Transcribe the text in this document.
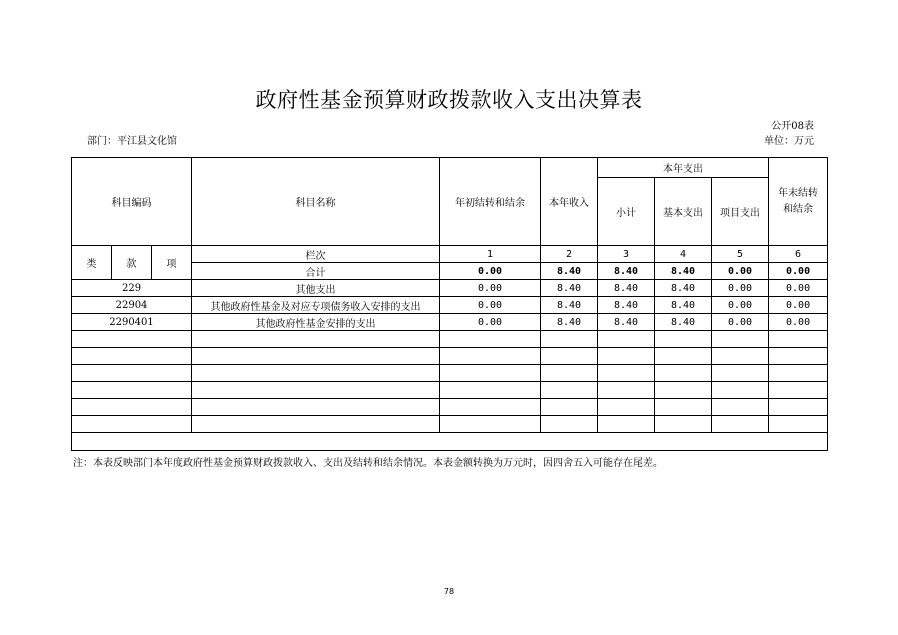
政府性基金预算财政拨款收入支出决算表
公开08表
部门：平江县文化馆	单位：万元
科目编码			科目名称	年初结转和结余	本年收入	本年支出			年末结转
和结余
						小计	基本支出	项目支出	
类	款	项	栏次	1	2	3	4	5	6
			合计	0.00	8.40	8.40	8.40	0.00	0.00
229			其他支出	0.00	8.40	8.40	8.40	0.00	0.00
22904			其他政府性基金及对应专项债务收入安排的支出	0.00	8.40	8.40	8.40	0.00	0.00
2290401			其他政府性基金安排的支出	0.00	8.40	8.40	8.40	0.00	0.00

注：本表反映部门本年度政府性基金预算财政拨款收入、支出及结转和结余情况。本表金额转换为万元时，因四舍五入可能存在尾差。
78
